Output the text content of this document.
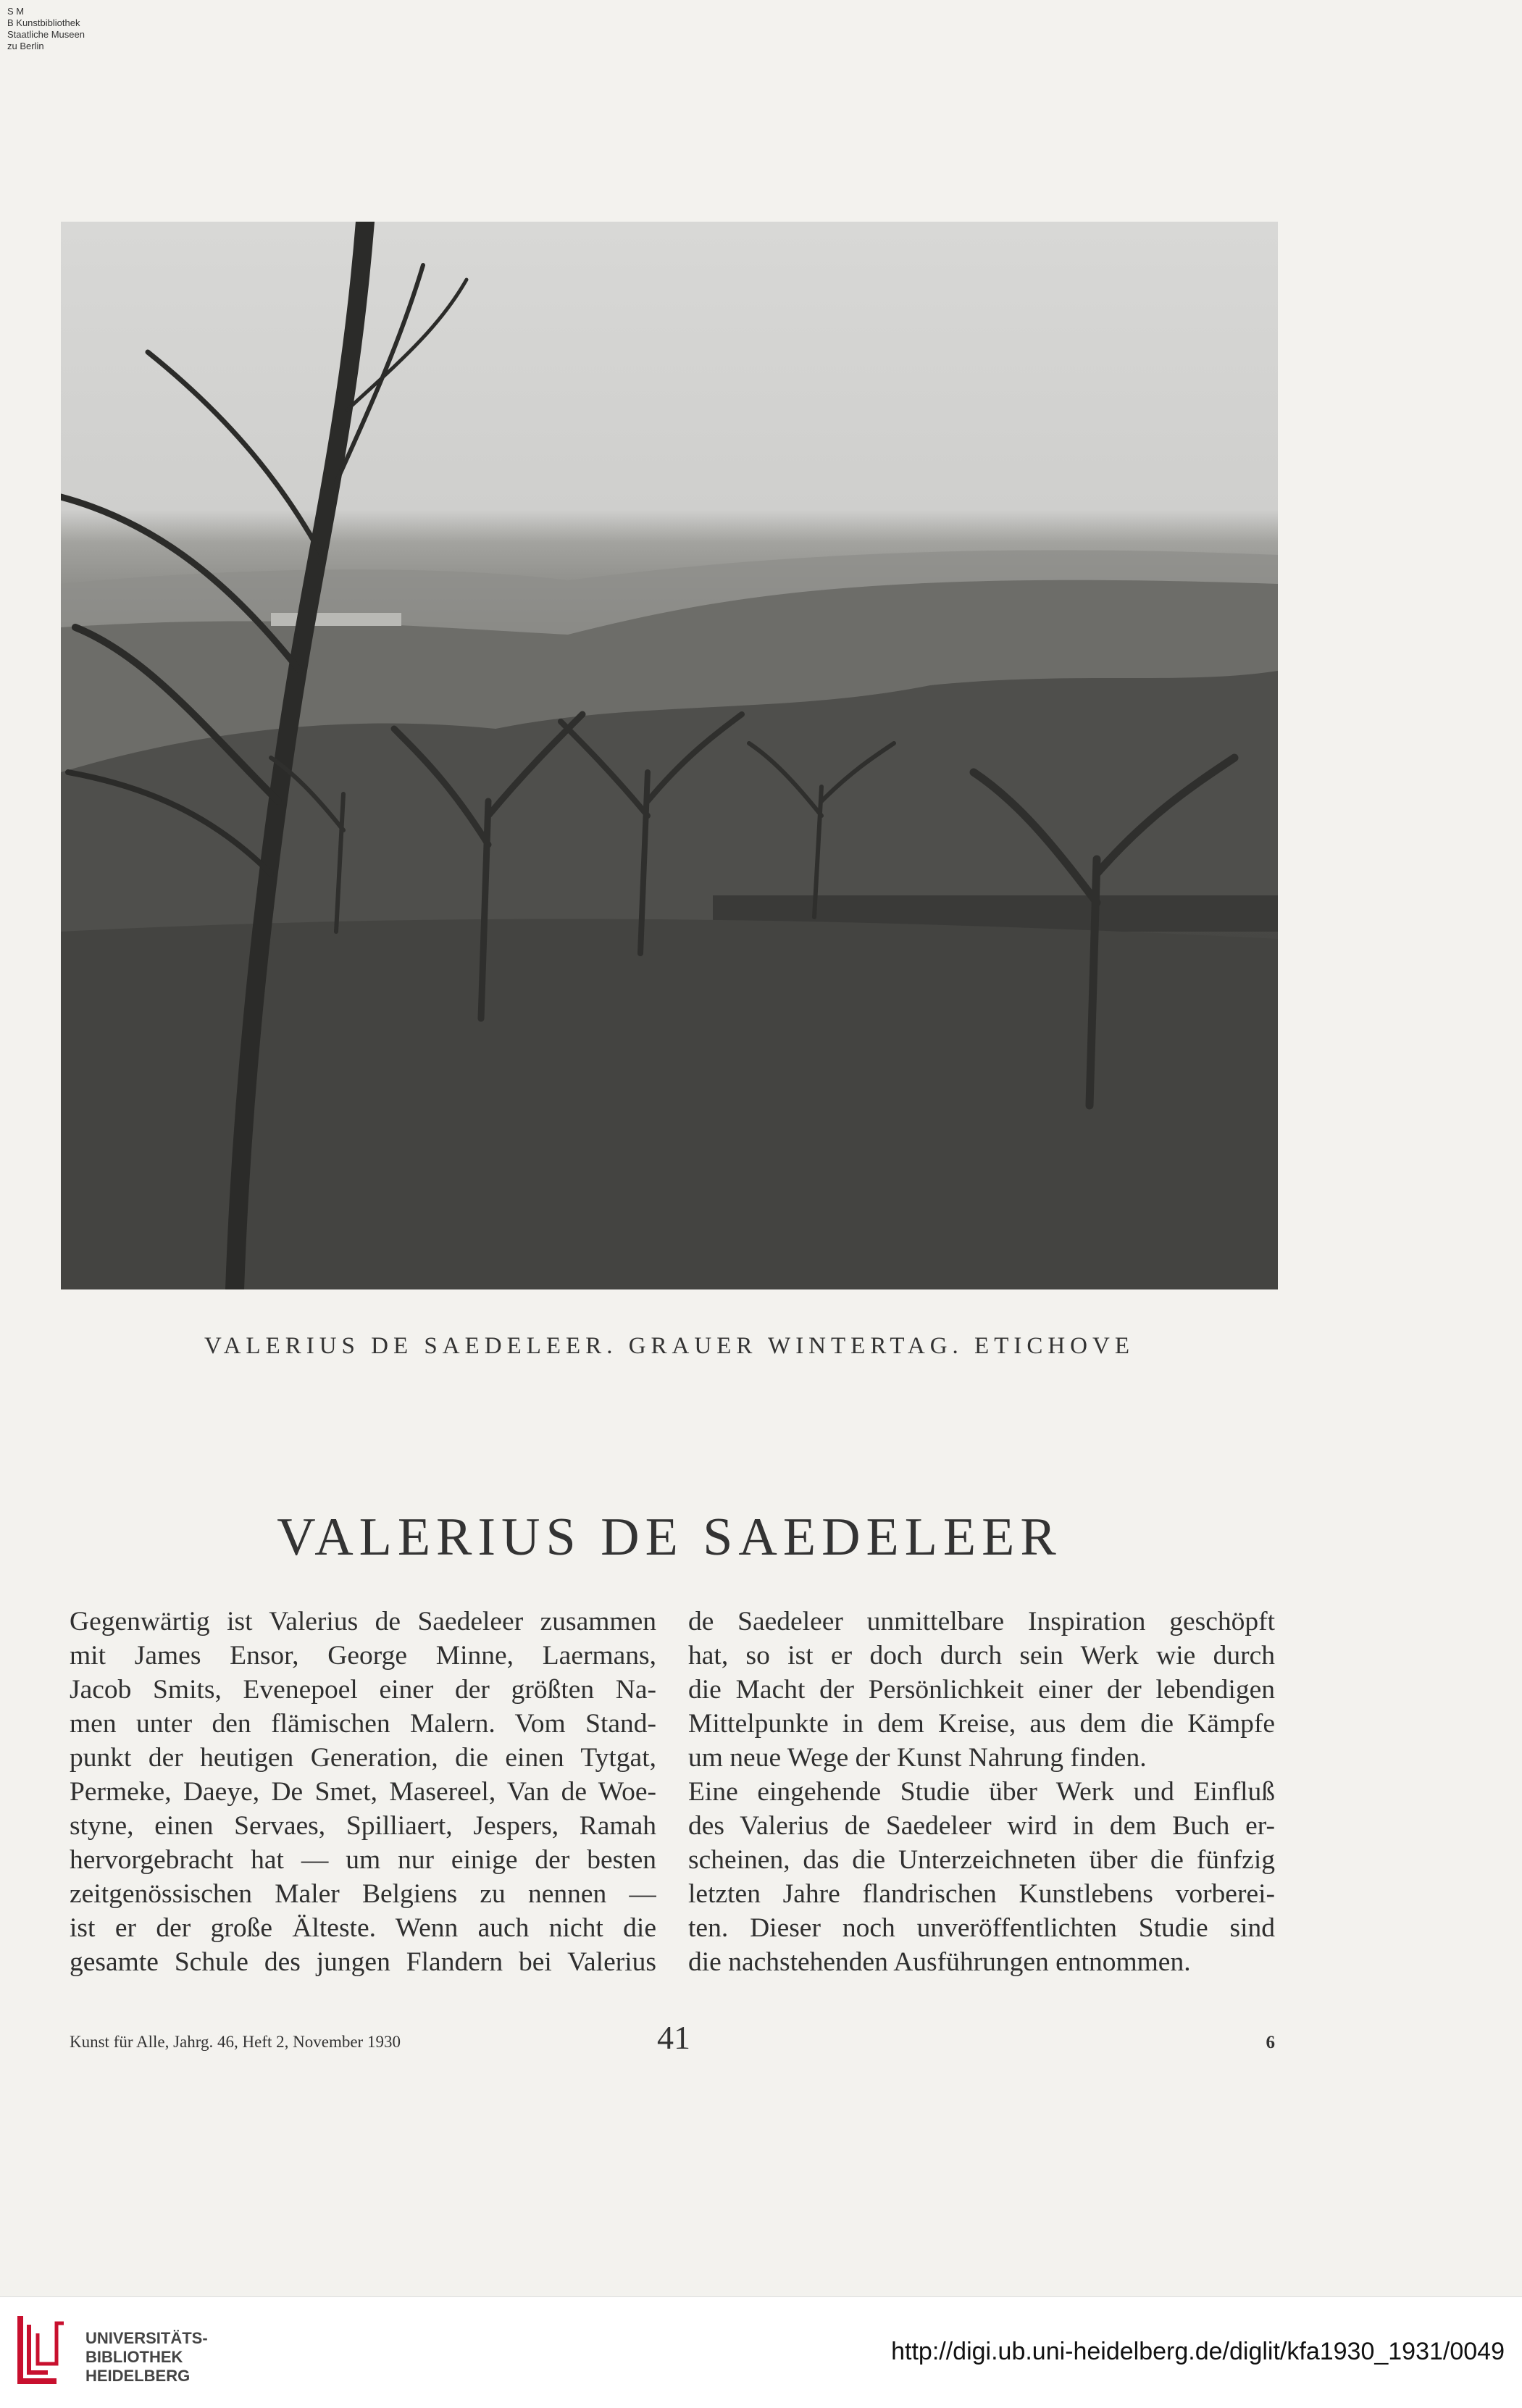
S M
B Kunstbibliothek
Staatliche Museen
zu Berlin
VALERIUS DE SAEDELEER. GRAUER WINTERTAG. ETICHOVE
VALERIUS DE SAEDELEER
Gegenwärtig ist Valerius de Saedeleer zusammen
mit James Ensor, George Minne, Laermans,
Jacob Smits, Evenepoel einer der größten Na-
men unter den flämischen Malern. Vom Stand-
punkt der heutigen Generation, die einen Tytgat,
Permeke, Daeye, De Smet, Masereel, Van de Woe-
styne, einen Servaes, Spilliaert, Jespers, Ramah
hervorgebracht hat — um nur einige der besten
zeitgenössischen Maler Belgiens zu nennen —
ist er der große Älteste. Wenn auch nicht die
gesamte Schule des jungen Flandern bei Valerius
de Saedeleer unmittelbare Inspiration geschöpft
hat, so ist er doch durch sein Werk wie durch
die Macht der Persönlichkeit einer der lebendigen
Mittelpunkte in dem Kreise, aus dem die Kämpfe
um neue Wege der Kunst Nahrung finden.
Eine eingehende Studie über Werk und Einfluß
des Valerius de Saedeleer wird in dem Buch er-
scheinen, das die Unterzeichneten über die fünfzig
letzten Jahre flandrischen Kunstlebens vorberei-
ten. Dieser noch unveröffentlichten Studie sind
die nachstehenden Ausführungen entnommen.
Kunst für Alle, Jahrg. 46, Heft 2, November 1930	41	6
UNIVERSITÄTS-
BIBLIOTHEK
HEIDELBERG
http://digi.ub.uni-heidelberg.de/diglit/kfa1930_1931/0049
